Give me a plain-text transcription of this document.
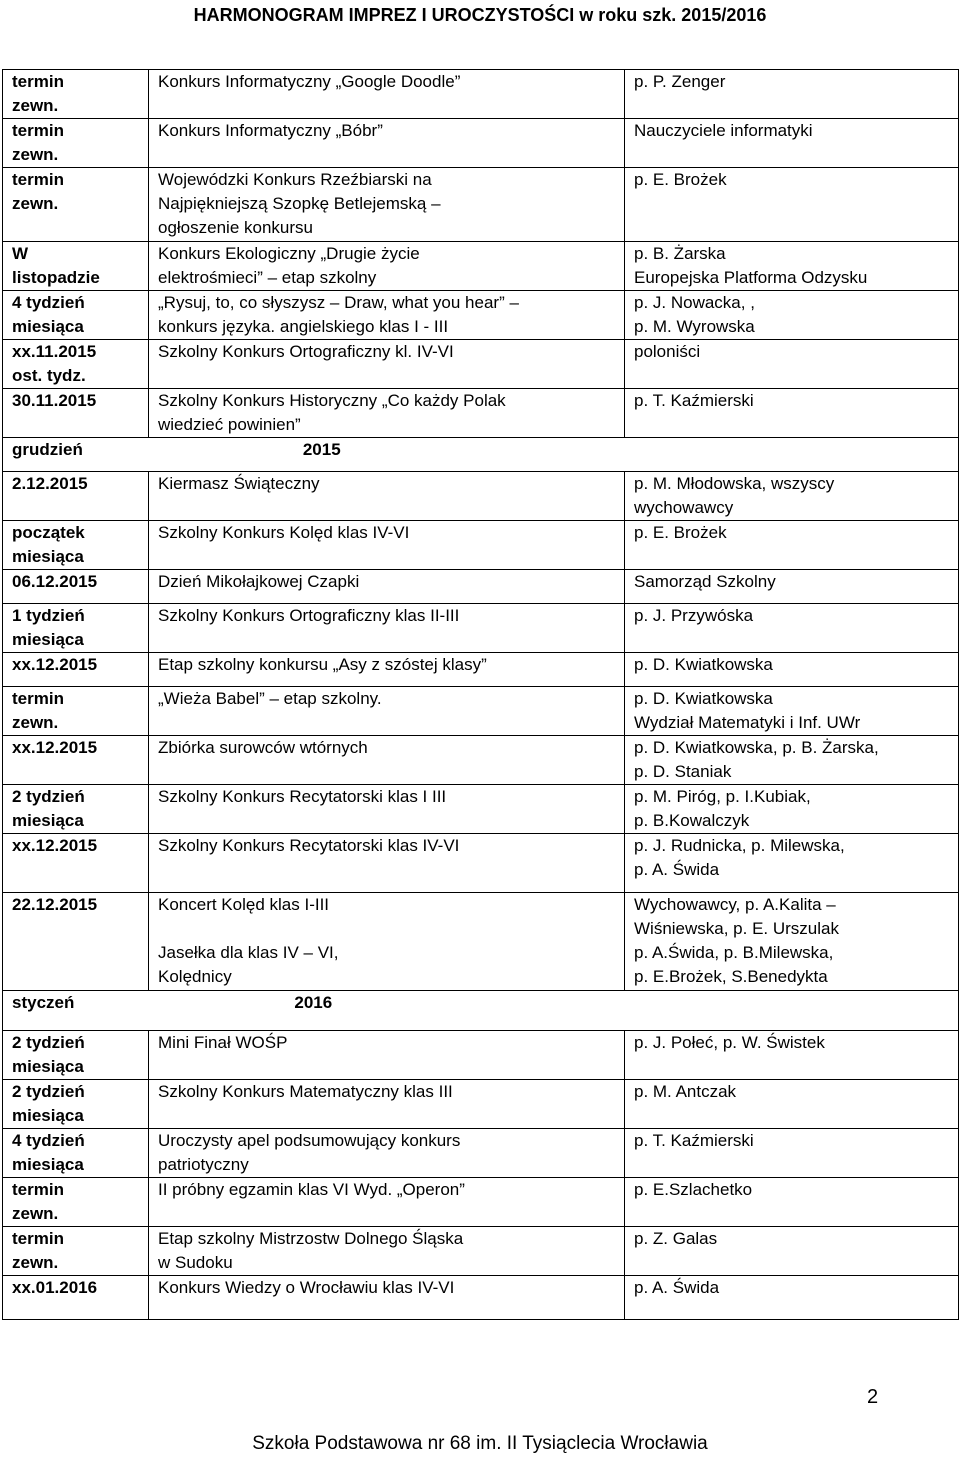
HARMONOGRAM IMPREZ I UROCZYSTOŚCI w roku szk. 2015/2016
termin
zewn.	Konkurs Informatyczny „Google Doodle”	p. P. Zenger

termin
zewn.	Konkurs Informatyczny „Bóbr”	Nauczyciele informatyki

termin
zewn.	Wojewódzki Konkurs Rzeźbiarski na
Najpiękniejszą Szopkę Betlejemską –
ogłoszenie konkursu	p. E. Brożek

W
listopadzie	Konkurs Ekologiczny „Drugie życie
elektrośmieci” – etap szkolny	p. B. Żarska
Europejska Platforma Odzysku

4 tydzień
miesiąca	„Rysuj, to, co słyszysz – Draw, what you hear” –
konkurs języka. angielskiego klas I - III	p. J. Nowacka, ,
p. M. Wyrowska

xx.11.2015
ost. tydz.	Szkolny Konkurs Ortograficzny kl. IV-VI	poloniści

30.11.2015	Szkolny Konkurs Historyczny „Co każdy Polak
wiedzieć powinien”	p. T. Kaźmierski

grudzień 2015		

2.12.2015	Kiermasz Świąteczny	p. M. Młodowska, wszyscy
wychowawcy

początek
miesiąca	Szkolny Konkurs Kolęd klas IV-VI	p. E. Brożek

06.12.2015	Dzień Mikołajkowej Czapki	Samorząd Szkolny

1 tydzień
miesiąca	Szkolny Konkurs Ortograficzny klas II-III	p. J. Przywóska

xx.12.2015	Etap szkolny konkursu „Asy z szóstej klasy”	p. D. Kwiatkowska

termin
zewn.	„Wieża Babel” – etap szkolny.	p. D. Kwiatkowska
Wydział Matematyki i Inf. UWr

xx.12.2015	Zbiórka surowców wtórnych	p. D. Kwiatkowska, p. B. Żarska,
p. D. Staniak

2 tydzień
miesiąca	Szkolny Konkurs Recytatorski klas I III	p. M. Piróg, p. I.Kubiak,
p. B.Kowalczyk

xx.12.2015	Szkolny Konkurs Recytatorski klas IV-VI	p. J. Rudnicka, p. Milewska,
p. A. Świda

22.12.2015	Koncert Kolęd klas I-III

Jasełka dla klas IV – VI,
Kolędnicy	Wychowawcy, p. A.Kalita –
Wiśniewska, p. E. Urszulak
p. A.Świda, p. B.Milewska,
p. E.Brożek, S.Benedykta

styczeń 2016		

2 tydzień
miesiąca	Mini Finał WOŚP	p. J. Połeć, p. W. Świstek

2 tydzień
miesiąca	Szkolny Konkurs Matematyczny klas III	p. M. Antczak

4 tydzień
miesiąca	Uroczysty apel podsumowujący konkurs
patriotyczny	p. T. Kaźmierski

termin
zewn.	II próbny egzamin klas VI Wyd. „Operon”	p. E.Szlachetko

termin
zewn.	Etap szkolny Mistrzostw Dolnego Śląska
w Sudoku	p. Z. Galas

xx.01.2016	Konkurs Wiedzy o Wrocławiu klas IV-VI	p. A. Świda
2
Szkoła Podstawowa nr 68 im. II Tysiąclecia Wrocławia
